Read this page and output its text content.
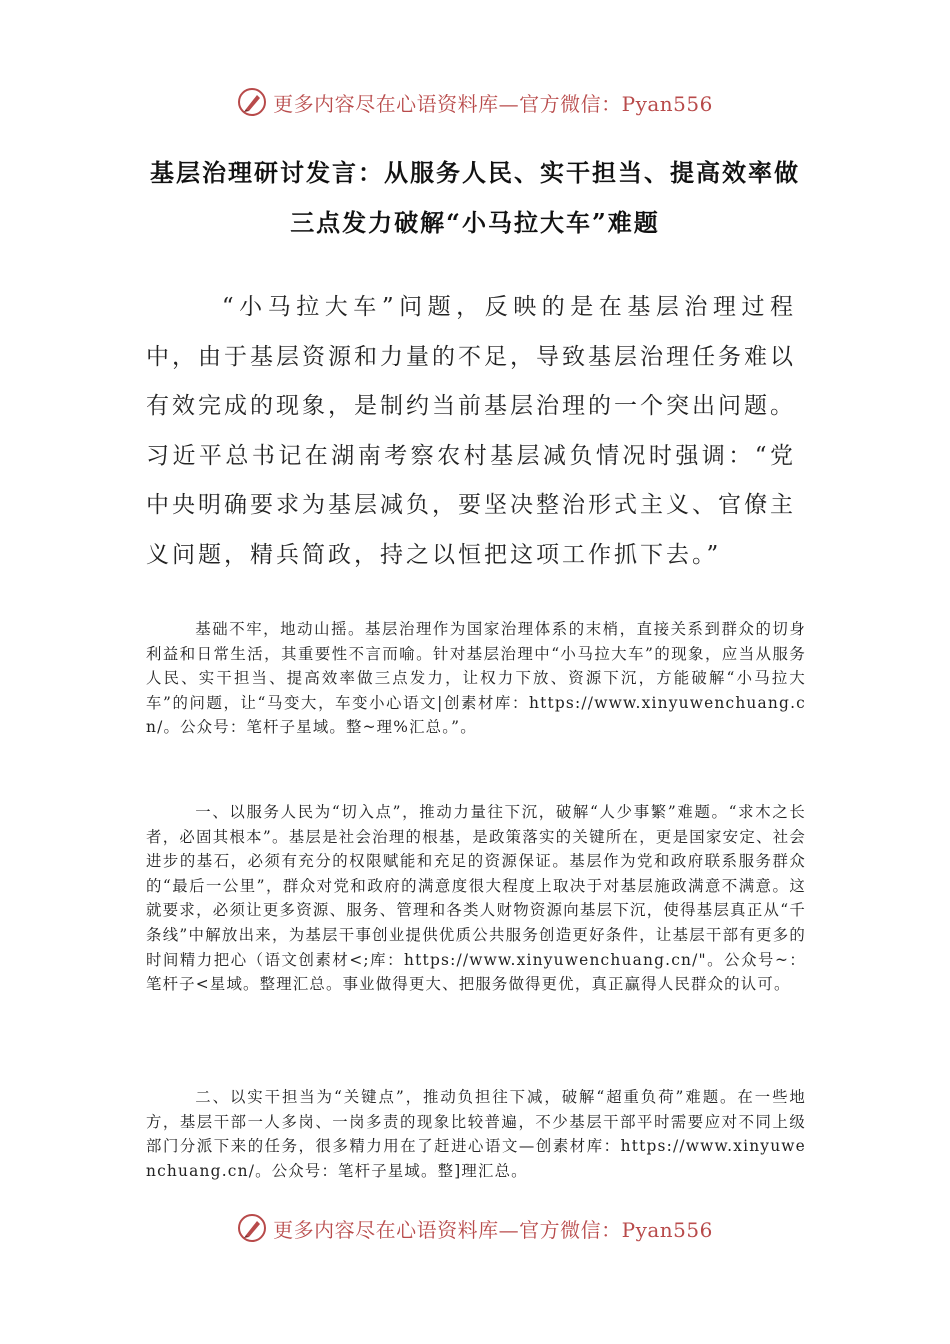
更多内容尽在心语资料库—官方微信：Pyan556
基层治理研讨发言：从服务人民、实干担当、提高效率做
三点发力破解“小马拉大车”难题

“小马拉大车”问题，反映的是在基层治理过程中，由于基层资源和力量的不足，导致基层治理任务难以有效完成的现象，是制约当前基层治理的一个突出问题。习近平总书记在湖南考察农村基层减负情况时强调：“党中央明确要求为基层减负，要坚决整治形式主义、官僚主义问题，精兵简政，持之以恒把这项工作抓下去。”

基础不牢，地动山摇。基层治理作为国家治理体系的末梢，直接关系到群众的切身利益和日常生活，其重要性不言而喻。针对基层治理中“小马拉大车”的现象，应当从服务人民、实干担当、提高效率做三点发力，让权力下放、资源下沉，方能破解“小马拉大车”的问题，让“马变大，车变小心语文|创素材库：https://www.xinyuwenchuang.cn/。公众号：笔杆子星域。整~理%汇总。”。

一、以服务人民为“切入点”，推动力量往下沉，破解“人少事繁”难题。“求木之长者，必固其根本”。基层是社会治理的根基，是政策落实的关键所在，更是国家安定、社会进步的基石，必须有充分的权限赋能和充足的资源保证。基层作为党和政府联系服务群众的“最后一公里”，群众对党和政府的满意度很大程度上取决于对基层施政满意不满意。这就要求，必须让更多资源、服务、管理和各类人财物资源向基层下沉，使得基层真正从“千条线”中解放出来，为基层干事创业提供优质公共服务创造更好条件，让基层干部有更多的时间精力把心（语文创素材<;库：https://www.xinyuwenchuang.cn/"。公众号~：笔杆子<星域。整理汇总。事业做得更大、把服务做得更优，真正赢得人民群众的认可。

二、以实干担当为“关键点”，推动负担往下减，破解“超重负荷”难题。在一些地方，基层干部一人多岗、一岗多责的现象比较普遍，不少基层干部平时需要应对不同上级部门分派下来的任务，很多精力用在了赶进心语文—创素材库：https://www.xinyuwenchuang.cn/。公众号：笔杆子星域。整]理汇总。

更多内容尽在心语资料库—官方微信：Pyan556
